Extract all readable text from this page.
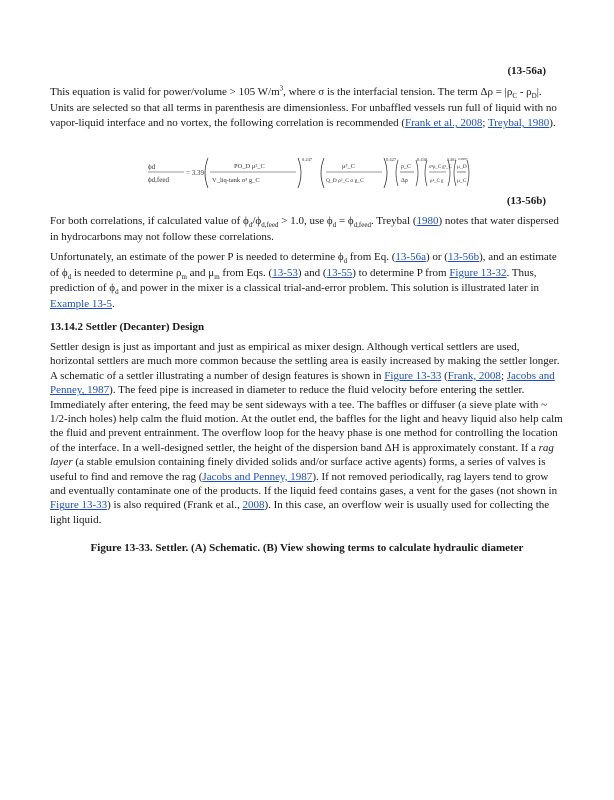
(13-56a)

This equation is valid for power/volume > 105 $W/m^3$, where σ is the interfacial tension. The term $\Delta\rho = |\rho_C - \rho_D|$. Units are selected so that all terms in parenthesis are dimensionless. For unbaffled vessels run full of liquid with no vapor-liquid interface and no vortex, the following correlation is recommended (Frank et al., 2008; Treybal, 1980).

ϕd
ϕd,feed
= 3.39
PO_D μ²_C
V_liq-tank σ³ g_C
0.247
μ³_C
Q_D ρ²_C σ g_C
0.427
ρ_C
Δρ
0.430
σ³ρ_C g³_C
μ⁴_C g
0.401
μ_D
μ_C
0.0987
(13-56b)

For both correlations, if calculated value of $\phi_d/\phi_{d,feed} > 1.0$, use $\phi_d = \phi_{d,feed}$. Treybal (1980) notes that water dispersed in hydrocarbons may not follow these correlations.

Unfortunately, an estimate of the power P is needed to determine $\phi_d$ from Eq. (13-56a) or (13-56b), and an estimate of $\phi_d$ is needed to determine $\rho_m$ and $\mu_m$ from Eqs. (13-53) and (13-55) to determine P from Figure 13-32. Thus, prediction of $\phi_d$ and power in the mixer is a classical trial-and-error problem. This solution is illustrated later in Example 13-5.

13.14.2 Settler (Decanter) Design

Settler design is just as important and just as empirical as mixer design. Although vertical settlers are used, horizontal settlers are much more common because the settling area is easily increased by making the settler longer. A schematic of a settler illustrating a number of design features is shown in Figure 13-33 (Frank, 2008; Jacobs and Penney, 1987). The feed pipe is increased in diameter to reduce the fluid velocity before entering the settler. Immediately after entering, the feed may be sent sideways with a tee. The baffles or diffuser (a sieve plate with ~ 1/2-inch holes) help calm the fluid motion. At the outlet end, the baffles for the light and heavy liquid also help calm the fluid and prevent entrainment. The overflow loop for the heavy phase is one method for controlling the location of the interface. In a well-designed settler, the height of the dispersion band ΔH is approximately constant. If a rag layer (a stable emulsion containing finely divided solids and/or surface active agents) forms, a series of valves is useful to find and remove the rag (Jacobs and Penney, 1987). If not removed periodically, rag layers tend to grow and eventually contaminate one of the products. If the liquid feed contains gases, a vent for the gases (not shown in Figure 13-33) is also required (Frank et al., 2008). In this case, an overflow weir is usually used for collecting the light liquid.

Figure 13-33. Settler. (A) Schematic. (B) View showing terms to calculate hydraulic diameter
